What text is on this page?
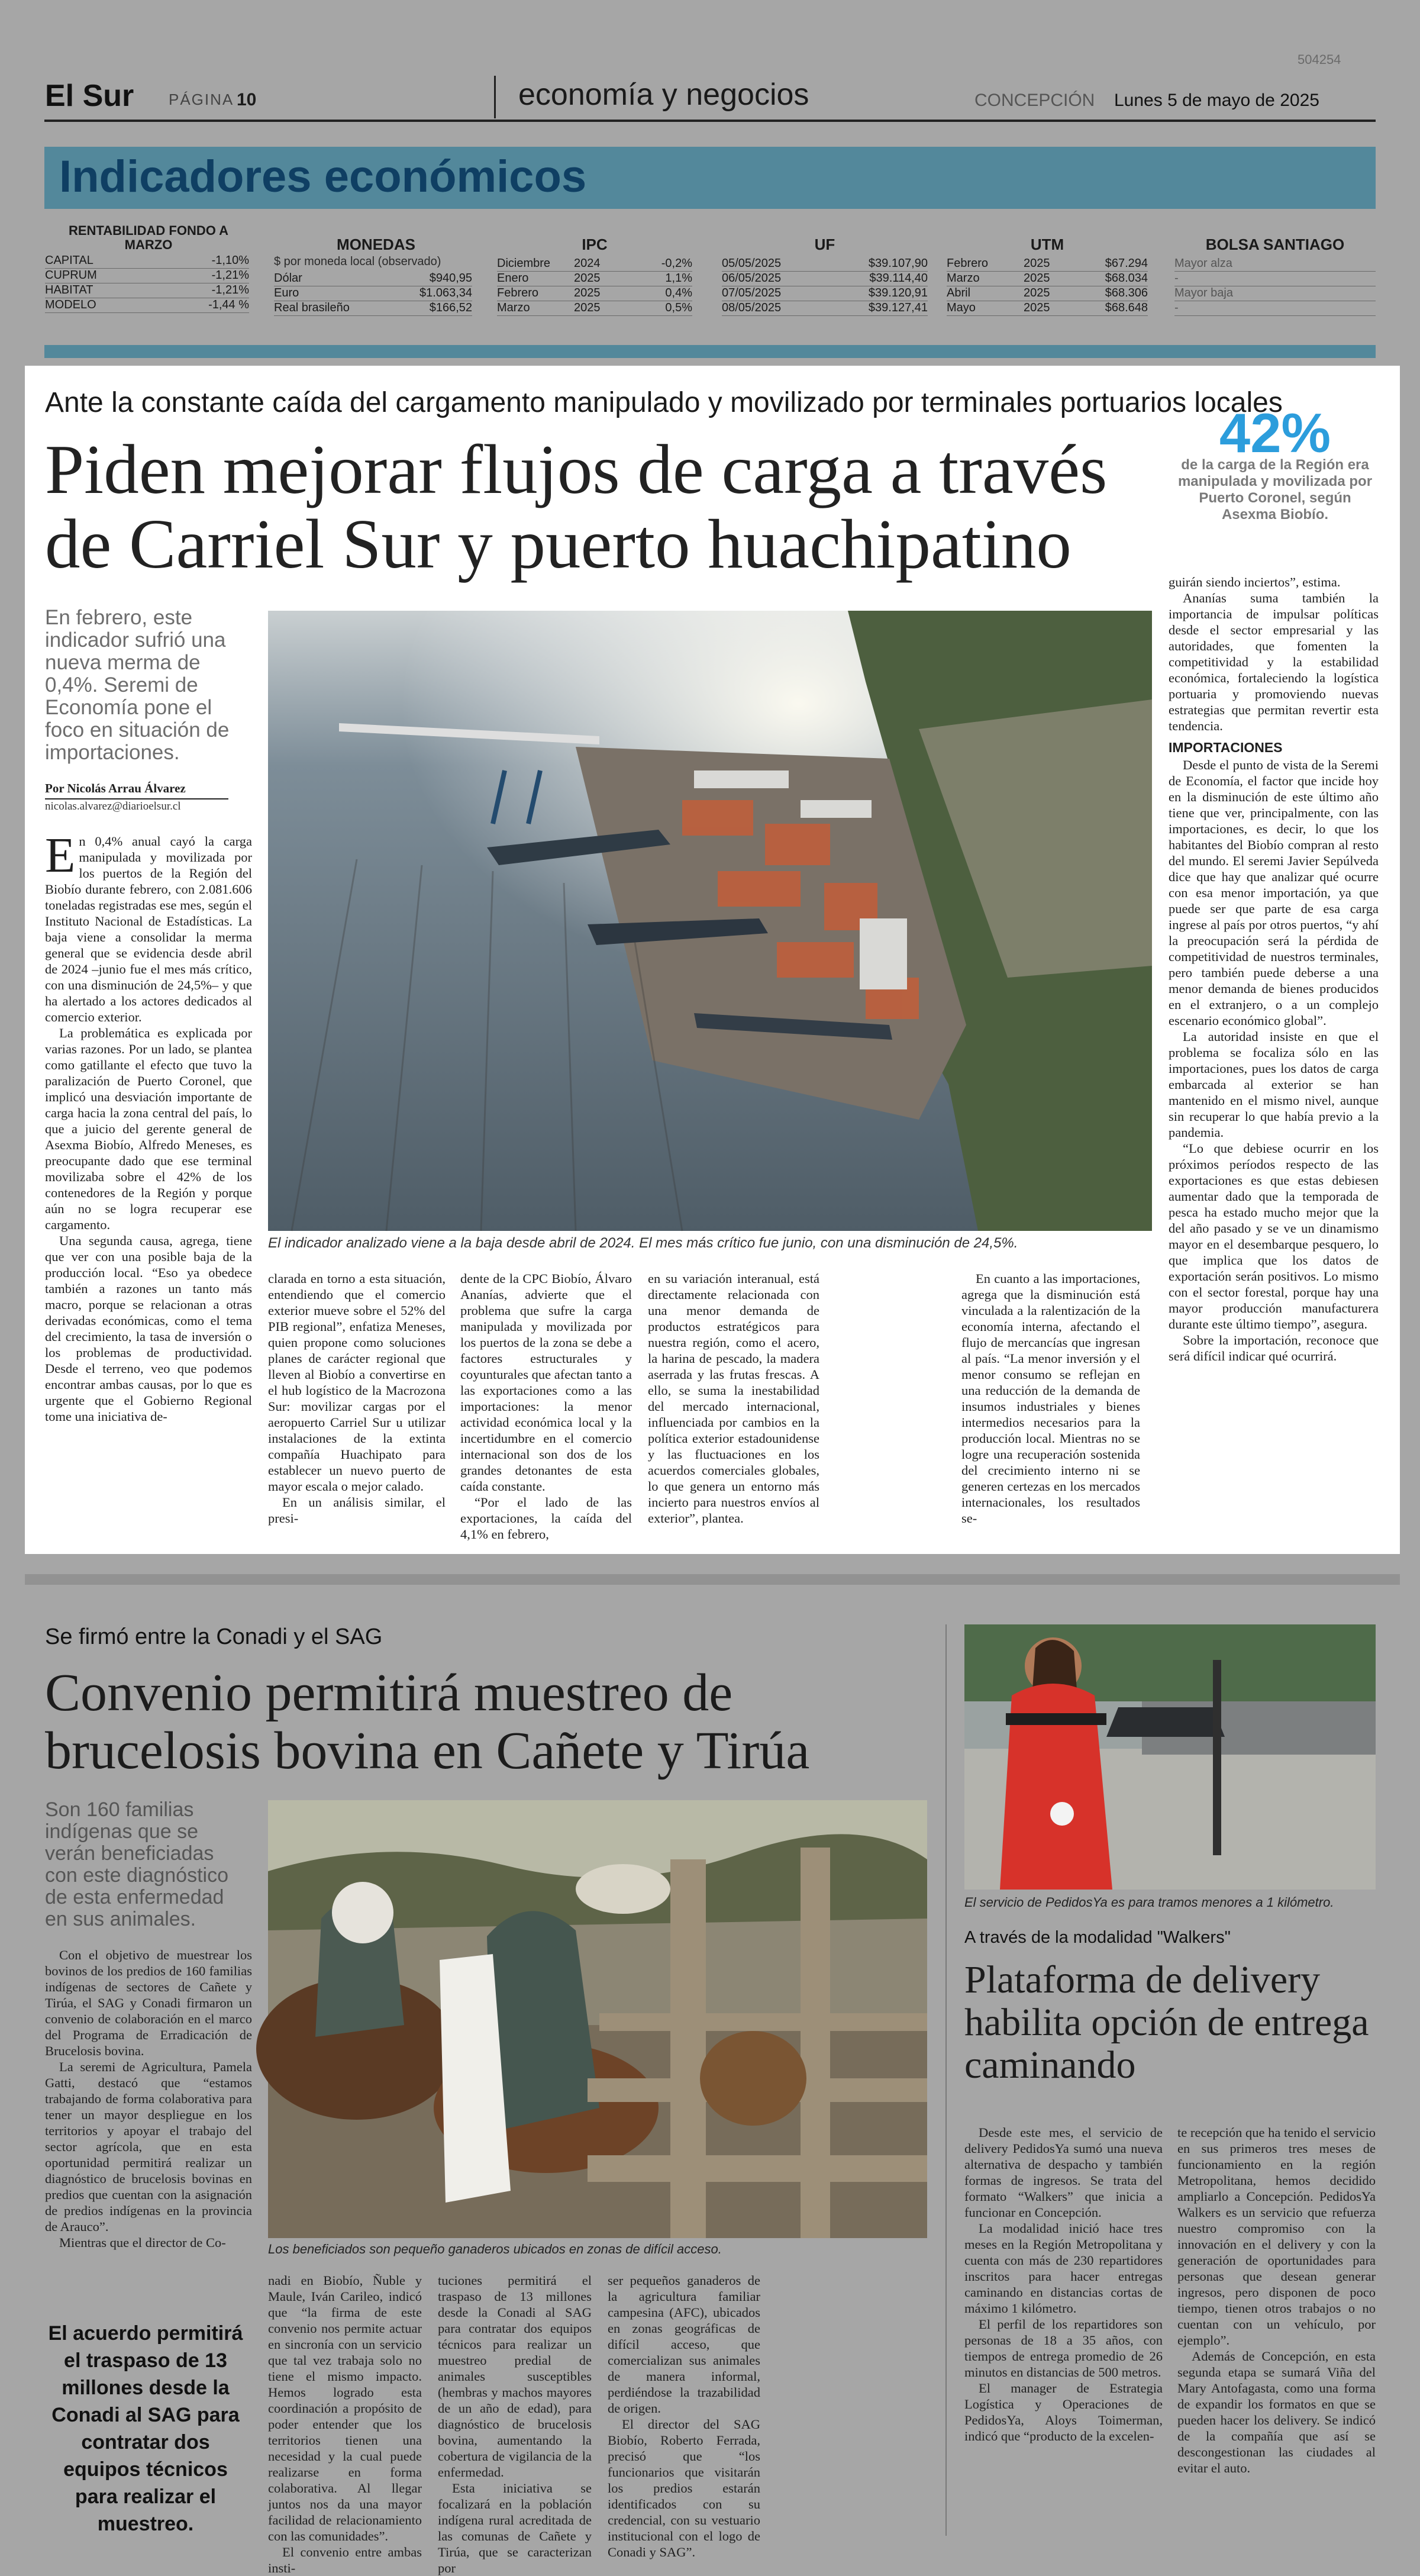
504254
El Sur PÁGINA 10	economía y negocios	CONCEPCIÓN Lunes 5 de mayo de 2025
Indicadores económicos
RENTABILIDAD FONDO A MARZO
CAPITAL	-1,10%
CUPRUM	-1,21%
HABITAT	-1,21%
MODELO	-1,44 %
MONEDAS
$ por moneda local (observado)
Dólar	$940,95
Euro	$1.063,34
Real brasileño	$166,52
IPC
Diciembre	2024	-0,2%
Enero	2025	1,1%
Febrero	2025	0,4%
Marzo	2025	0,5%
UF
05/05/2025	$39.107,90
06/05/2025	$39.114,40
07/05/2025	$39.120,91
08/05/2025	$39.127,41
UTM
Febrero	2025	$67.294
Marzo	2025	$68.034
Abril	2025	$68.306
Mayo	2025	$68.648
BOLSA SANTIAGO
Mayor alza
-
Mayor baja
-
Ante la constante caída del cargamento manipulado y movilizado por terminales portuarios locales
Piden mejorar flujos de carga a través de Carriel Sur y puerto huachipatino
42%
de la carga de la Región era manipulada y movilizada por Puerto Coronel, según Asexma Biobío.
En febrero, este indicador sufrió una nueva merma de 0,4%. Seremi de Economía pone el foco en situación de importaciones.
Por Nicolás Arrau Álvarez
nicolas.alvarez@diarioelsur.cl
En 0,4% anual cayó la carga manipulada y movilizada por los puertos de la Región del Biobío durante febrero, con 2.081.606 toneladas registradas ese mes, según el Instituto Nacional de Estadísticas. La baja viene a consolidar la merma general que se evidencia desde abril de 2024 –junio fue el mes más crítico, con una disminución de 24,5%– y que ha alertado a los actores dedicados al comercio exterior.
La problemática es explicada por varias razones. Por un lado, se plantea como gatillante el efecto que tuvo la paralización de Puerto Coronel, que implicó una desviación importante de carga hacia la zona central del país, lo que a juicio del gerente general de Asexma Biobío, Alfredo Meneses, es preocupante dado que ese terminal movilizaba sobre el 42% de los contenedores de la Región y porque aún no se logra recuperar ese cargamento.
Una segunda causa, agrega, tiene que ver con una posible baja de la producción local. “Eso ya obedece también a razones un tanto más macro, porque se relacionan a otras derivadas económicas, como el tema del crecimiento, la tasa de inversión o los problemas de productividad. Desde el terreno, veo que podemos encontrar ambas causas, por lo que es urgente que el Gobierno Regional tome una iniciativa de-
El indicador analizado viene a la baja desde abril de 2024. El mes más crítico fue junio, con una disminución de 24,5%.
clarada en torno a esta situación, entendiendo que el comercio exterior mueve sobre el 52% del PIB regional”, enfatiza Meneses, quien propone como soluciones planes de carácter regional que lleven al Biobío a convertirse en el hub logístico de la Macrozona Sur: movilizar cargas por el aeropuerto Carriel Sur u utilizar instalaciones de la extinta compañía Huachipato para establecer un nuevo puerto de mayor escala o mejor calado.
En un análisis similar, el presi-
dente de la CPC Biobío, Álvaro Ananías, advierte que el problema que sufre la carga manipulada y movilizada por los puertos de la zona se debe a factores estructurales y coyunturales que afectan tanto a las exportaciones como a las importaciones: la menor actividad económica local y la incertidumbre en el comercio internacional son dos de los grandes detonantes de esta caída constante.
“Por el lado de las exportaciones, la caída del 4,1% en febrero,
en su variación interanual, está directamente relacionada con una menor demanda de productos estratégicos para nuestra región, como el acero, la harina de pescado, la madera aserrada y las frutas frescas. A ello, se suma la inestabilidad del mercado internacional, influenciada por cambios en la política exterior estadounidense y las fluctuaciones en los acuerdos comerciales globales, lo que genera un entorno más incierto para nuestros envíos al exterior”, plantea.
En cuanto a las importaciones, agrega que la disminución está vinculada a la ralentización de la economía interna, afectando el flujo de mercancías que ingresan al país. “La menor inversión y el menor consumo se reflejan en una reducción de la demanda de insumos industriales y bienes intermedios necesarios para la producción local. Mientras no se logre una recuperación sostenida del crecimiento interno ni se generen certezas en los mercados internacionales, los resultados se-
guirán siendo inciertos”, estima.
Ananías suma también la importancia de impulsar políticas desde el sector empresarial y las autoridades, que fomenten la competitividad y la estabilidad económica, fortaleciendo la logística portuaria y promoviendo nuevas estrategias que permitan revertir esta tendencia.
IMPORTACIONES
Desde el punto de vista de la Seremi de Economía, el factor que incide hoy en la disminución de este último año tiene que ver, principalmente, con las importaciones, es decir, lo que los habitantes del Biobío compran al resto del mundo. El seremi Javier Sepúlveda dice que hay que analizar qué ocurre con esa menor importación, ya que puede ser que parte de esa carga ingrese al país por otros puertos, “y ahí la preocupación será la pérdida de competitividad de nuestros terminales, pero también puede deberse a una menor demanda de bienes producidos en el extranjero, o a un complejo escenario económico global”.
La autoridad insiste en que el problema se focaliza sólo en las importaciones, pues los datos de carga embarcada al exterior se han mantenido en el mismo nivel, aunque sin recuperar lo que había previo a la pandemia.
“Lo que debiese ocurrir en los próximos períodos respecto de las exportaciones es que estas debiesen aumentar dado que la temporada de pesca ha estado mucho mejor que la del año pasado y se ve un dinamismo mayor en el desembarque pesquero, lo que implica que los datos de exportación serán positivos. Lo mismo con el sector forestal, porque hay una mayor producción manufacturera durante este último tiempo”, asegura.
Sobre la importación, reconoce que será difícil indicar qué ocurrirá.
Se firmó entre la Conadi y el SAG
Convenio permitirá muestreo de brucelosis bovina en Cañete y Tirúa
Son 160 familias indígenas que se verán beneficiadas con este diagnóstico de esta enfermedad en sus animales.
Los beneficiados son pequeño ganaderos ubicados en zonas de difícil acceso.
Con el objetivo de muestrear los bovinos de los predios de 160 familias indígenas de sectores de Cañete y Tirúa, el SAG y Conadi firmaron un convenio de colaboración en el marco del Programa de Erradicación de Brucelosis bovina.
La seremi de Agricultura, Pamela Gatti, destacó que “estamos trabajando de forma colaborativa para tener un mayor despliegue en los territorios y apoyar el trabajo del sector agrícola, que en esta oportunidad permitirá realizar un diagnóstico de brucelosis bovinas en predios que cuentan con la asignación de predios indígenas en la provincia de Arauco”.
Mientras que el director de Co-
El acuerdo permitirá el traspaso de 13 millones desde la Conadi al SAG para contratar dos equipos técnicos para realizar el muestreo.
nadi en Biobío, Ñuble y Maule, Iván Carileo, indicó que “la firma de este convenio nos permite actuar en sincronía con un servicio que tal vez trabaja solo no tiene el mismo impacto. Hemos logrado esta coordinación a propósito de poder entender que los territorios tienen una necesidad y la cual puede realizarse en forma colaborativa. Al llegar juntos nos da una mayor facilidad de relacionamiento con las comunidades”.
El convenio entre ambas insti-
tuciones permitirá el traspaso de 13 millones desde la Conadi al SAG para contratar dos equipos técnicos para realizar un muestreo predial de animales susceptibles (hembras y machos mayores de un año de edad), para diagnóstico de brucelosis bovina, aumentando la cobertura de vigilancia de la enfermedad.
Esta iniciativa se focalizará en la población indígena rural acreditada de las comunas de Cañete y Tirúa, que se caracterizan por
ser pequeños ganaderos de la agricultura familiar campesina (AFC), ubicados en zonas geográficas de difícil acceso, que comercializan sus animales de manera informal, perdiéndose la trazabilidad de origen.
El director del SAG Biobío, Roberto Ferrada, precisó que “los funcionarios que visitarán los predios estarán identificados con su credencial, con su vestuario institucional con el logo de Conadi y SAG”.
El servicio de PedidosYa es para tramos menores a 1 kilómetro.
A través de la modalidad "Walkers"
Plataforma de delivery habilita opción de entrega caminando
Desde este mes, el servicio de delivery PedidosYa sumó una nueva alternativa de despacho y también formas de ingresos. Se trata del formato “Walkers” que inicia a funcionar en Concepción.
La modalidad inició hace tres meses en la Región Metropolitana y cuenta con más de 230 repartidores inscritos para hacer entregas caminando en distancias cortas de máximo 1 kilómetro.
El perfil de los repartidores son personas de 18 a 35 años, con tiempos de entrega promedio de 26 minutos en distancias de 500 metros.
El manager de Estrategia Logística y Operaciones de PedidosYa, Aloys Toimerman, indicó que “producto de la excelen-
te recepción que ha tenido el servicio en sus primeros tres meses de funcionamiento en la región Metropolitana, hemos decidido ampliarlo a Concepción. PedidosYa Walkers es un servicio que refuerza nuestro compromiso con la innovación en el delivery y con la generación de oportunidades para personas que desean generar ingresos, pero disponen de poco tiempo, tienen otros trabajos o no cuentan con un vehículo, por ejemplo”.
Además de Concepción, en esta segunda etapa se sumará Viña del Mary Antofagasta, como una forma de expandir los formatos en que se pueden hacer los delivery. Se indicó de la compañía que así se descongestionan las ciudades al evitar el auto.
